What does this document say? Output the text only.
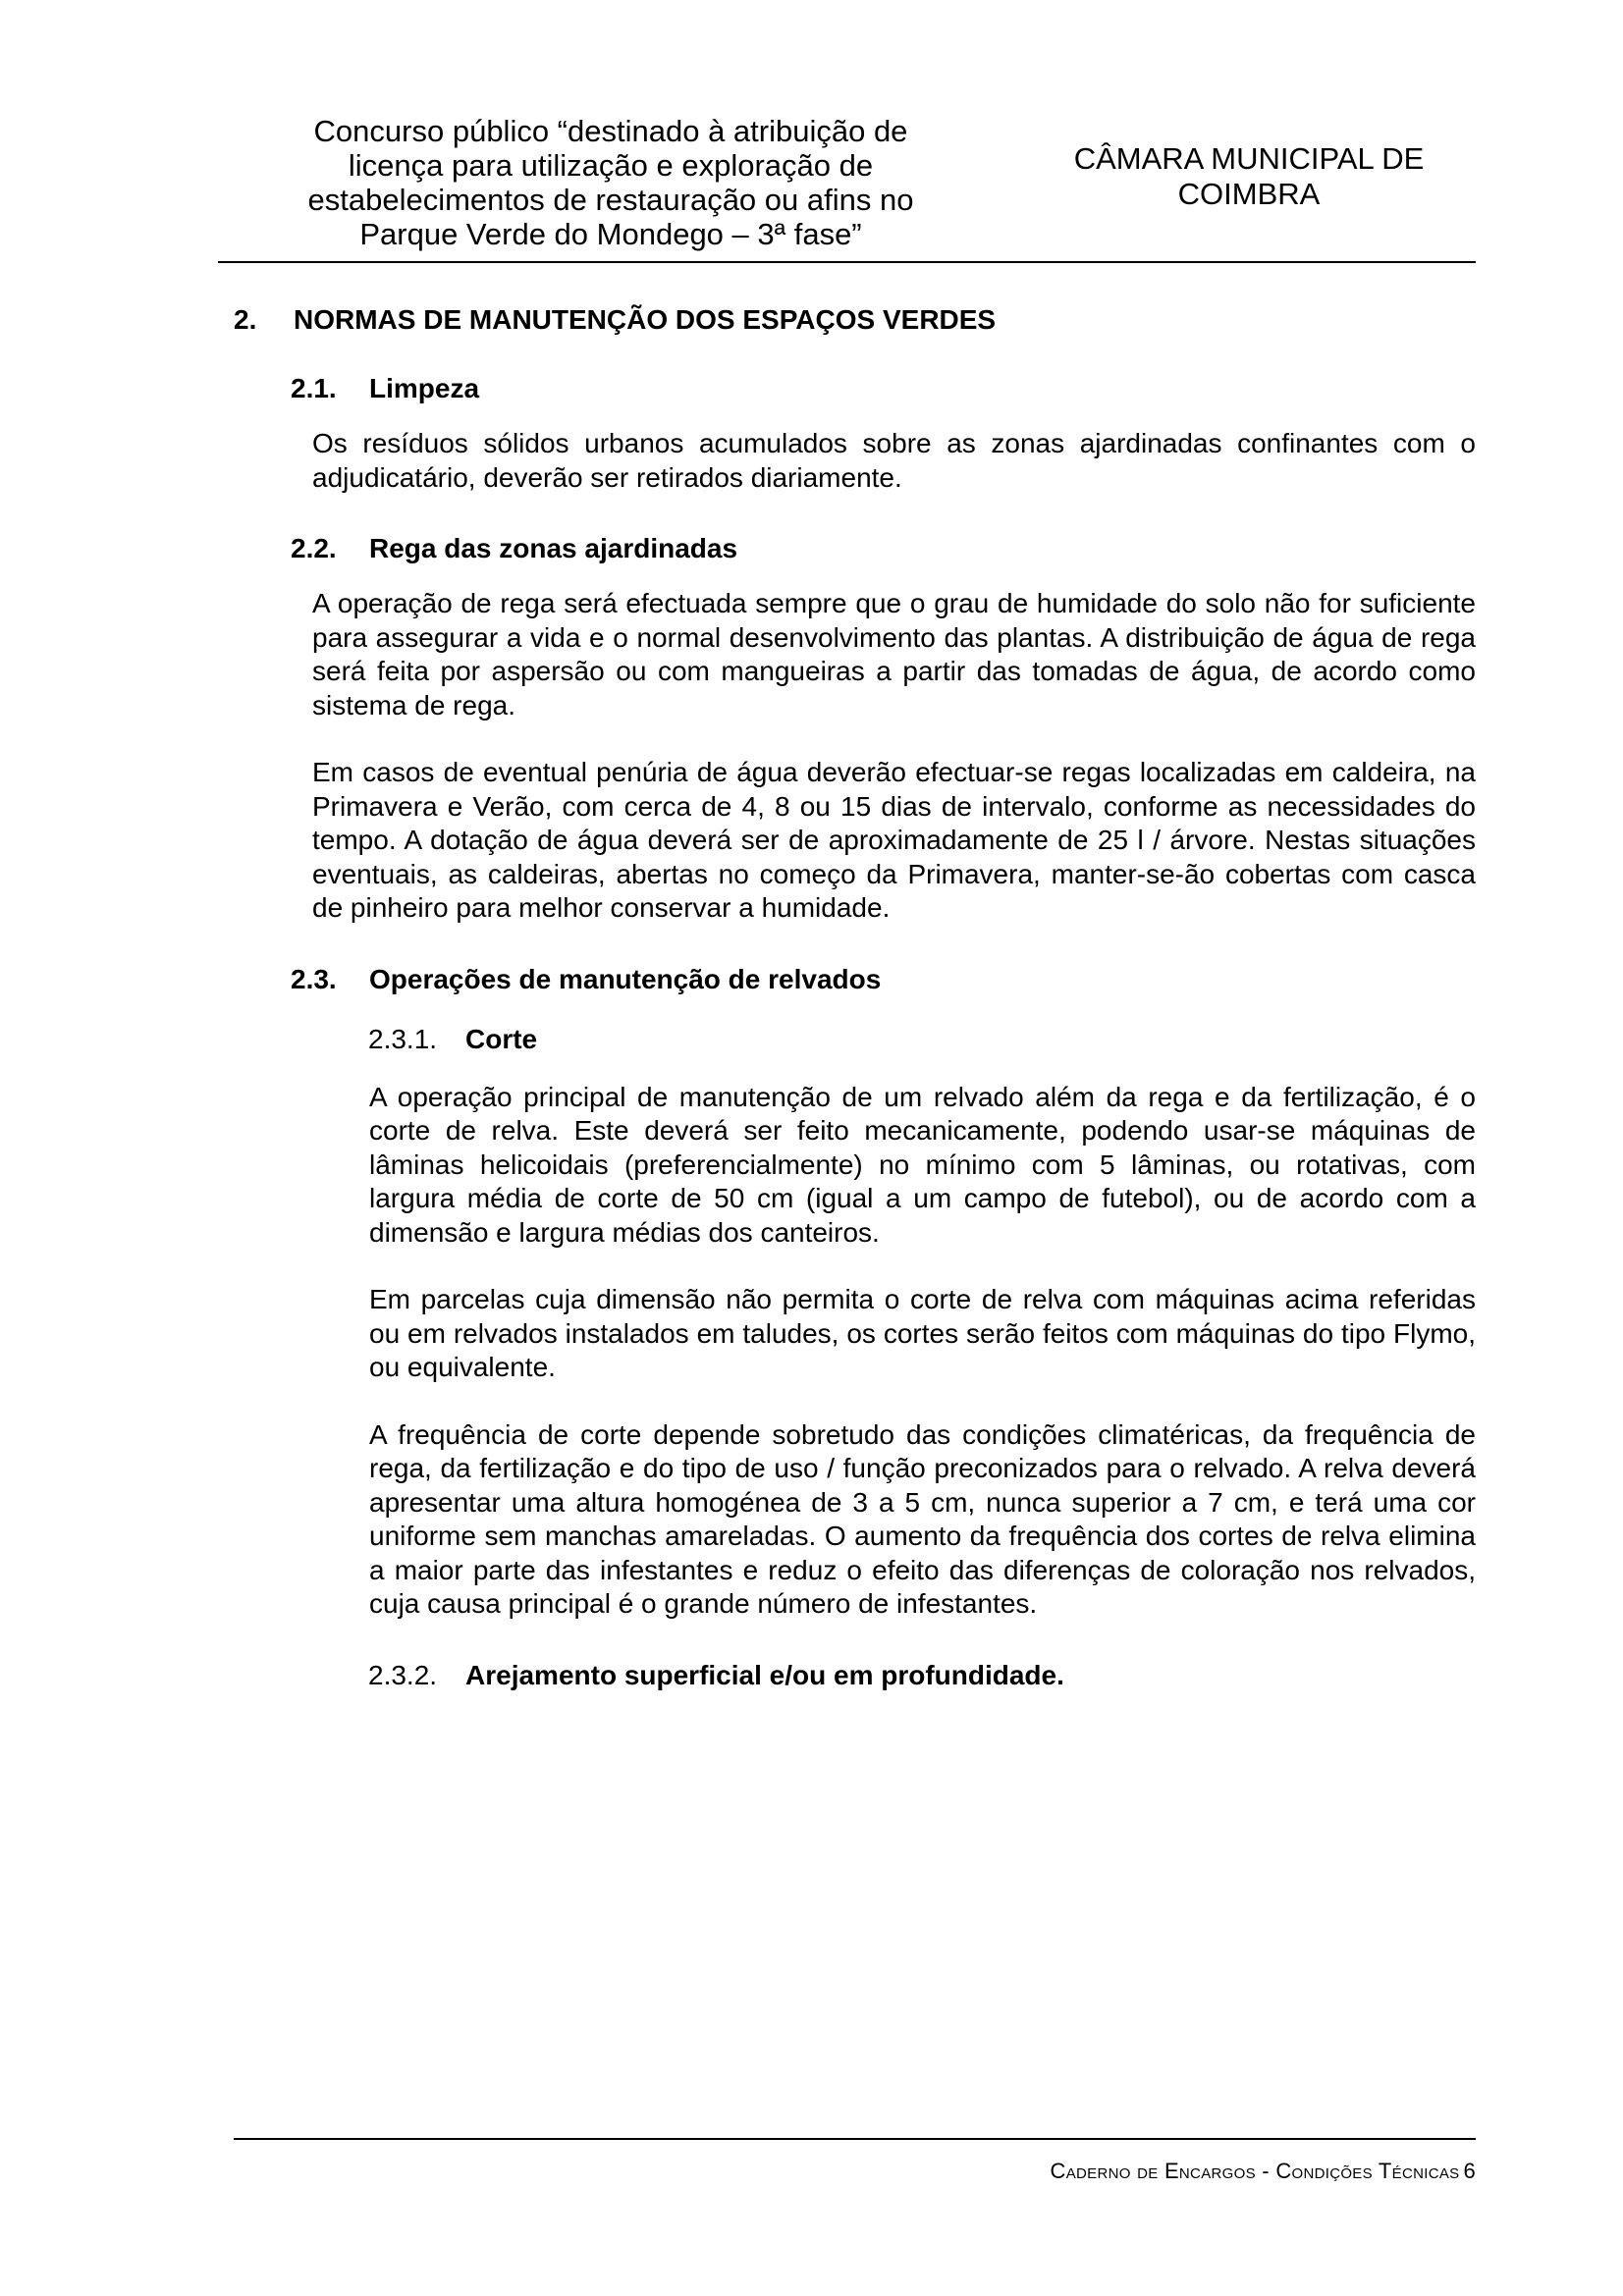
Concurso público “destinado à atribuição de
licença para utilização e exploração de
estabelecimentos de restauração ou afins no
Parque Verde do Mondego – 3ª fase”
CÂMARA MUNICIPAL DE
COIMBRA
2. NORMAS DE MANUTENÇÃO DOS ESPAÇOS VERDES
2.1. Limpeza

Os resíduos sólidos urbanos acumulados sobre as zonas ajardinadas confinantes com o adjudicatário, deverão ser retirados diariamente.

2.2. Rega das zonas ajardinadas

A operação de rega será efectuada sempre que o grau de humidade do solo não for suficiente para assegurar a vida e o normal desenvolvimento das plantas. A distribuição de água de rega será feita por aspersão ou com mangueiras a partir das tomadas de água, de acordo como sistema de rega.

Em casos de eventual penúria de água deverão efectuar-se regas localizadas em caldeira, na Primavera e Verão, com cerca de 4, 8 ou 15 dias de intervalo, conforme as necessidades do tempo. A dotação de água deverá ser de aproximadamente de 25 l / árvore. Nestas situações eventuais, as caldeiras, abertas no começo da Primavera, manter-se-ão cobertas com casca de pinheiro para melhor conservar a humidade.

2.3. Operações de manutenção de relvados
2.3.1. Corte

A operação principal de manutenção de um relvado além da rega e da fertilização, é o corte de relva. Este deverá ser feito mecanicamente, podendo usar-se máquinas de lâminas helicoidais (preferencialmente) no mínimo com 5 lâminas, ou rotativas, com largura média de corte de 50 cm (igual a um campo de futebol), ou de acordo com a dimensão e largura médias dos canteiros.

Em parcelas cuja dimensão não permita o corte de relva com máquinas acima referidas ou em relvados instalados em taludes, os cortes serão feitos com máquinas do tipo Flymo, ou equivalente.

A frequência de corte depende sobretudo das condições climatéricas, da frequência de rega, da fertilização e do tipo de uso / função preconizados para o relvado. A relva deverá apresentar uma altura homogénea de 3 a 5 cm, nunca superior a 7 cm, e terá uma cor uniforme sem manchas amareladas. O aumento da frequência dos cortes de relva elimina a maior parte das infestantes e reduz o efeito das diferenças de coloração nos relvados, cuja causa principal é o grande número de infestantes.

2.3.2. Arejamento superficial e/ou em profundidade.
Caderno de Encargos - Condições Técnicas 6
